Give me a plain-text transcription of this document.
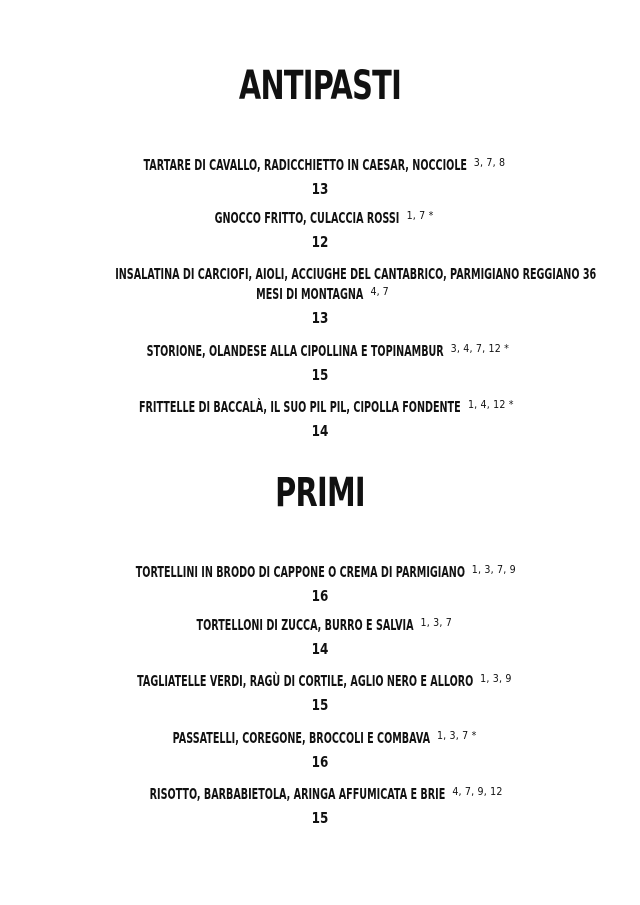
ANTIPASTI
TARTARE DI CAVALLO, RADICCHIETTO IN CAESAR, NOCCIOLE 3, 7, 8
13
GNOCCO FRITTO, CULACCIA ROSSI 1, 7 *
12
INSALATINA DI CARCIOFI, AIOLI, ACCIUGHE DEL CANTABRICO, PARMIGIANO REGGIANO 36
MESI DI MONTAGNA 4, 7
13
STORIONE, OLANDESE ALLA CIPOLLINA E TOPINAMBUR 3, 4, 7, 12 *
15
FRITTELLE DI BACCALÀ, IL SUO PIL PIL, CIPOLLA FONDENTE 1, 4, 12 *
14
PRIMI
TORTELLINI IN BRODO DI CAPPONE O CREMA DI PARMIGIANO 1, 3, 7, 9
16
TORTELLONI DI ZUCCA, BURRO E SALVIA 1, 3, 7
14
TAGLIATELLE VERDI, RAGÙ DI CORTILE, AGLIO NERO E ALLORO 1, 3, 9
15
PASSATELLI, COREGONE, BROCCOLI E COMBAVA 1, 3, 7 *
16
RISOTTO, BARBABIETOLA, ARINGA AFFUMICATA E BRIE 4, 7, 9, 12
15
